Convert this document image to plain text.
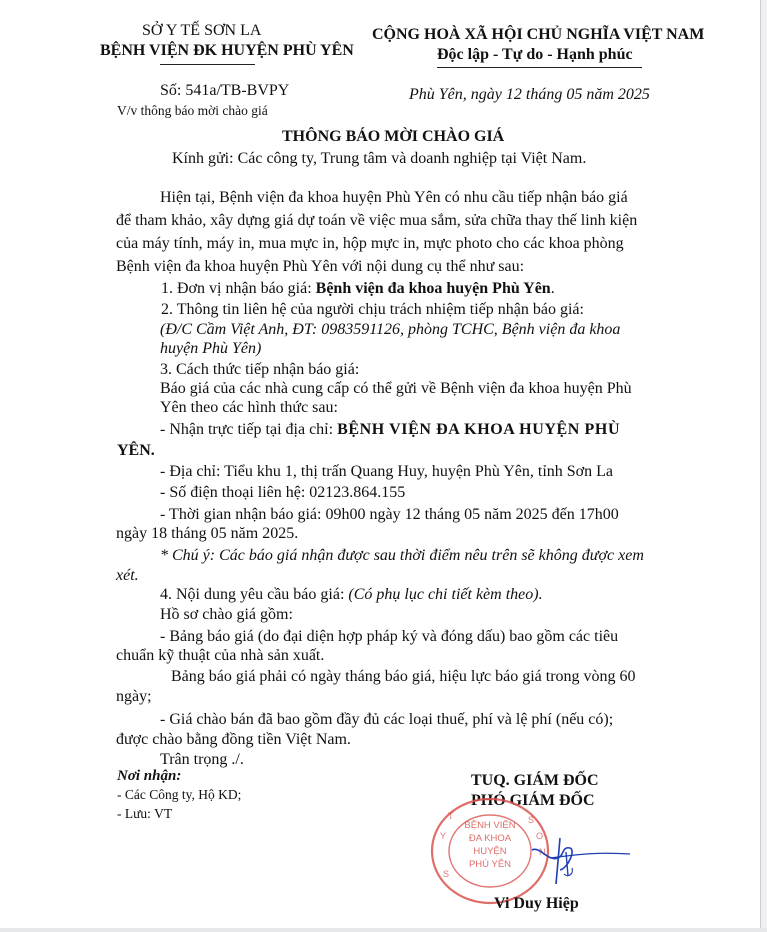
SỞ Y TẾ SƠN LA
BỆNH VIỆN ĐK HUYỆN PHÙ YÊN
Số: 541a/TB-BVPY
V/v thông báo mời chào giá
CỘNG HOÀ XÃ HỘI CHỦ NGHĨA VIỆT NAM
Độc lập - Tự do - Hạnh phúc
Phù Yên, ngày 12 tháng 05 năm 2025
THÔNG BÁO MỜI CHÀO GIÁ
Kính gửi: Các công ty, Trung tâm và doanh nghiệp tại Việt Nam.
Hiện tại, Bệnh viện đa khoa huyện Phù Yên có nhu cầu tiếp nhận báo giá
để tham khảo, xây dựng giá dự toán về việc mua sắm, sửa chữa thay thế linh kiện
của máy tính, máy in, mua mực in, hộp mực in, mực photo cho các khoa phòng
Bệnh viện đa khoa huyện Phù Yên với nội dung cụ thể như sau:
1. Đơn vị nhận báo giá: Bệnh viện đa khoa huyện Phù Yên.
2. Thông tin liên hệ của người chịu trách nhiệm tiếp nhận báo giá:
(Đ/C Cầm Việt Anh, ĐT: 0983591126, phòng TCHC, Bệnh viện đa khoa
huyện Phù Yên)
3. Cách thức tiếp nhận báo giá:
Báo giá của các nhà cung cấp có thể gửi về Bệnh viện đa khoa huyện Phù
Yên theo các hình thức sau:
- Nhận trực tiếp tại địa chỉ: BỆNH VIỆN ĐA KHOA HUYỆN PHÙ
YÊN.
- Địa chỉ: Tiểu khu 1, thị trấn Quang Huy, huyện Phù Yên, tỉnh Sơn La
- Số điện thoại liên hệ: 02123.864.155
- Thời gian nhận báo giá: 09h00 ngày 12 tháng 05 năm 2025 đến 17h00
ngày 18 tháng 05 năm 2025.
* Chú ý: Các báo giá nhận được sau thời điểm nêu trên sẽ không được xem
xét.
4. Nội dung yêu cầu báo giá: (Có phụ lục chi tiết kèm theo).
Hồ sơ chào giá gồm:
- Bảng báo giá (do đại diện hợp pháp ký và đóng dấu) bao gồm các tiêu
chuẩn kỹ thuật của nhà sản xuất.
Bảng báo giá phải có ngày tháng báo giá, hiệu lực báo giá trong vòng 60
ngày;
- Giá chào bán đã bao gồm đầy đủ các loại thuế, phí và lệ phí (nếu có);
được chào bằng đồng tiền Việt Nam.
Trân trọng ./.
Nơi nhận:
- Các Công ty, Hộ KD;
- Lưu: VT
TUQ. GIÁM ĐỐC
PHÓ GIÁM ĐỐC
Y
T	S
O
N
S
BỆNH VIỆN
ĐA KHOA
HUYỆN
PHÙ YÊN
Vi Duy Hiệp
